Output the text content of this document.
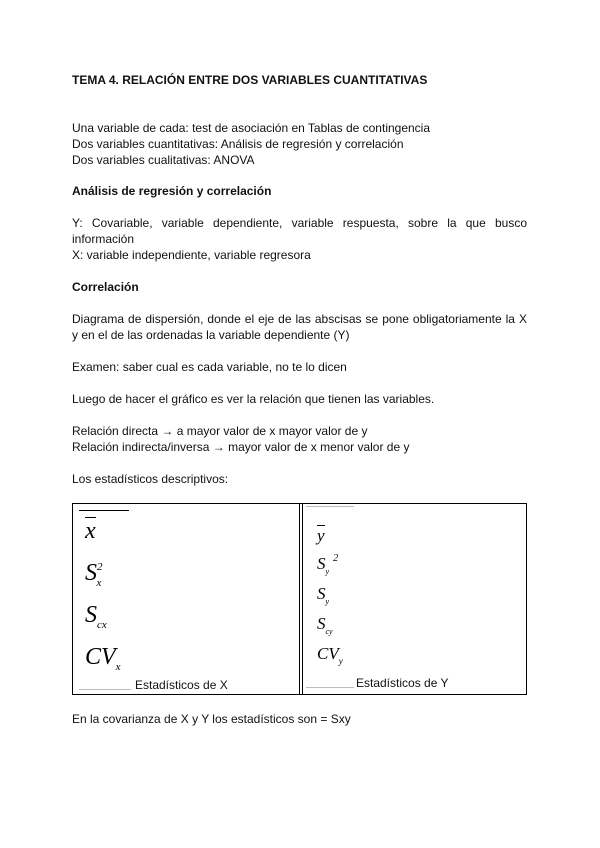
TEMA 4. RELACIÓN ENTRE DOS VARIABLES CUANTITATIVAS
Una variable de cada: test de asociación en Tablas de contingencia
Dos variables cuantitativas: Análisis de regresión y correlación
Dos variables cualitativas: ANOVA
Análisis de regresión y correlación
Y: Covariable, variable dependiente, variable respuesta, sobre la que busco
información
X: variable independiente, variable regresora
Correlación
Diagrama de dispersión, donde el eje de las abscisas se pone obligatoriamente la X
y en el de las ordenadas la variable dependiente (Y)
Examen: saber cual es cada variable, no te lo dicen
Luego de hacer el gráfico es ver la relación que tienen las variables.
Relación directa → a mayor valor de x mayor valor de y
Relación indirecta/inversa → mayor valor de x menor valor de y
Los estadísticos descriptivos:
En la covarianza de X y Y los estadísticos son = Sxy
x
$S^2_x$
$S_{cx}$
$CV_x$
Estadísticos de X
y
$S_y^2$
$S_y$
$S_{cy}$
$CV_y$
Estadísticos de Y
